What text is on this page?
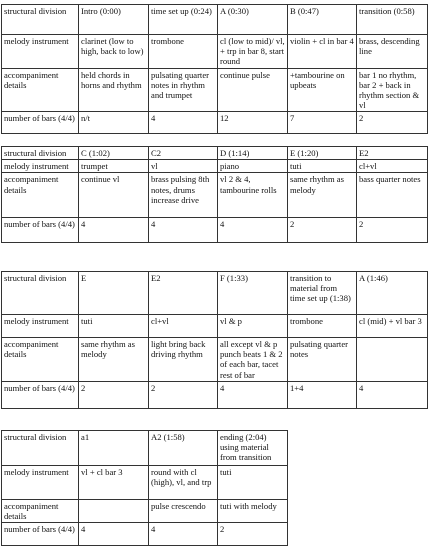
structural division	Intro (0:00)	time set up (0:24)	A (0:30)	B (0:47)	transition (0:58)
melody instrument	clarinet (low to high, back to low)	trombone	cl (low to mid)/ vl, + trp in bar 8, start round	violin + cl in bar 4	brass, descending line
accompaniment details	held chords in horns and rhythm	pulsating quarter notes in rhythm and trumpet	continue pulse	+tambourine on upbeats	bar 1 no rhythm, bar 2 + back in rhythm section & vl
number of bars (4/4)	n/t	4	12	7	2
structural division	C (1:02)	C2	D (1:14)	E (1:20)	E2
melody instrument	trumpet	vl	piano	tuti	cl+vl
accompaniment details	continue vl	brass pulsing 8th notes, drums increase drive	vl 2 & 4, tambourine rolls	same rhythm as melody	bass quarter notes
number of bars (4/4)	4	4	4	2	2
structural division	E	E2	F (1:33)	transition to material from time set up (1:38)	A (1:46)
melody instrument	tuti	cl+vl	vl & p	trombone	cl (mid) + vl bar 3
accompaniment details	same rhythm as melody	light bring back driving rhythm	all except vl & p punch beats 1 & 2 of each bar, tacet rest of bar	pulsating quarter notes	
number of bars (4/4)	2	2	4	1+4	4
structural division	a1	A2 (1:58)	ending (2:04) using material from transition
melody instrument	vl + cl bar 3	round with cl (high), vl, and trp	tuti
accompaniment details		pulse crescendo	tuti with melody
number of bars (4/4)	4	4	2
